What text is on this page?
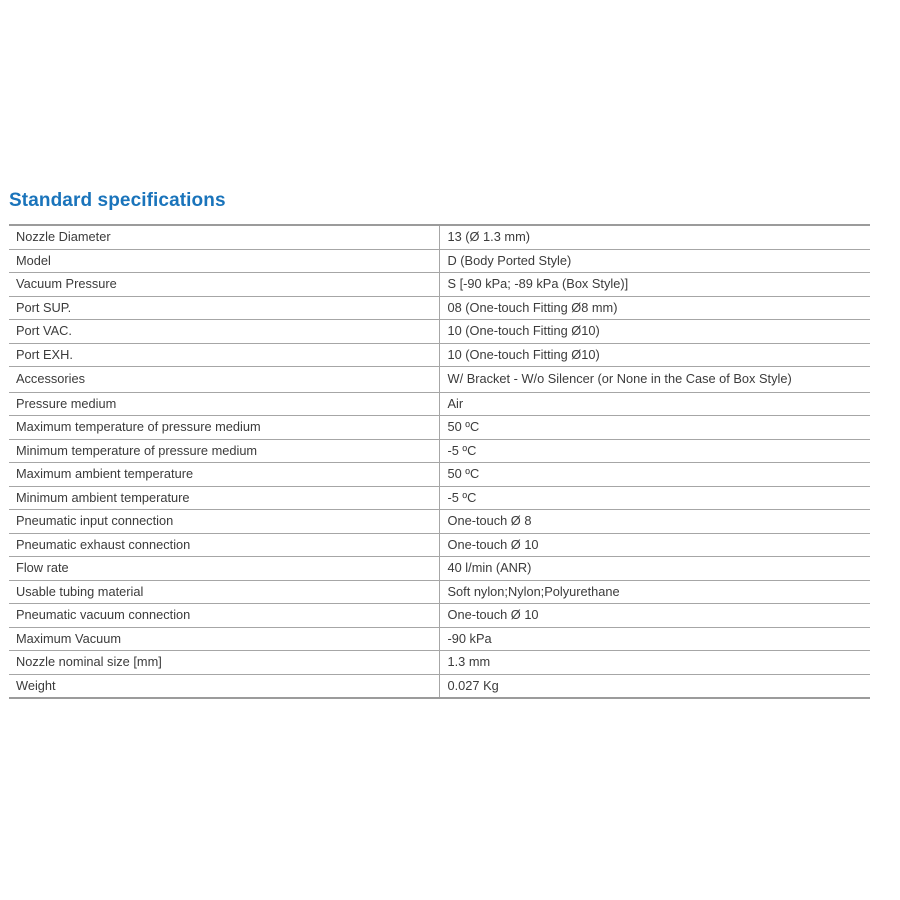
Standard specifications
Nozzle Diameter	13 (Ø 1.3 mm)
Model	D (Body Ported Style)
Vacuum Pressure	S [-90 kPa; -89 kPa (Box Style)]
Port SUP.	08 (One-touch Fitting Ø8 mm)
Port VAC.	10 (One-touch Fitting Ø10)
Port EXH.	10 (One-touch Fitting Ø10)
Accessories	W/ Bracket - W/o Silencer (or None in the Case of Box Style)
Pressure medium	Air
Maximum temperature of pressure medium	50 ºC
Minimum temperature of pressure medium	-5 ºC
Maximum ambient temperature	50 ºC
Minimum ambient temperature	-5 ºC
Pneumatic input connection	One-touch Ø 8
Pneumatic exhaust connection	One-touch Ø 10
Flow rate	40 l/min (ANR)
Usable tubing material	Soft nylon;Nylon;Polyurethane
Pneumatic vacuum connection	One-touch Ø 10
Maximum Vacuum	-90 kPa
Nozzle nominal size [mm]	1.3 mm
Weight	0.027 Kg
